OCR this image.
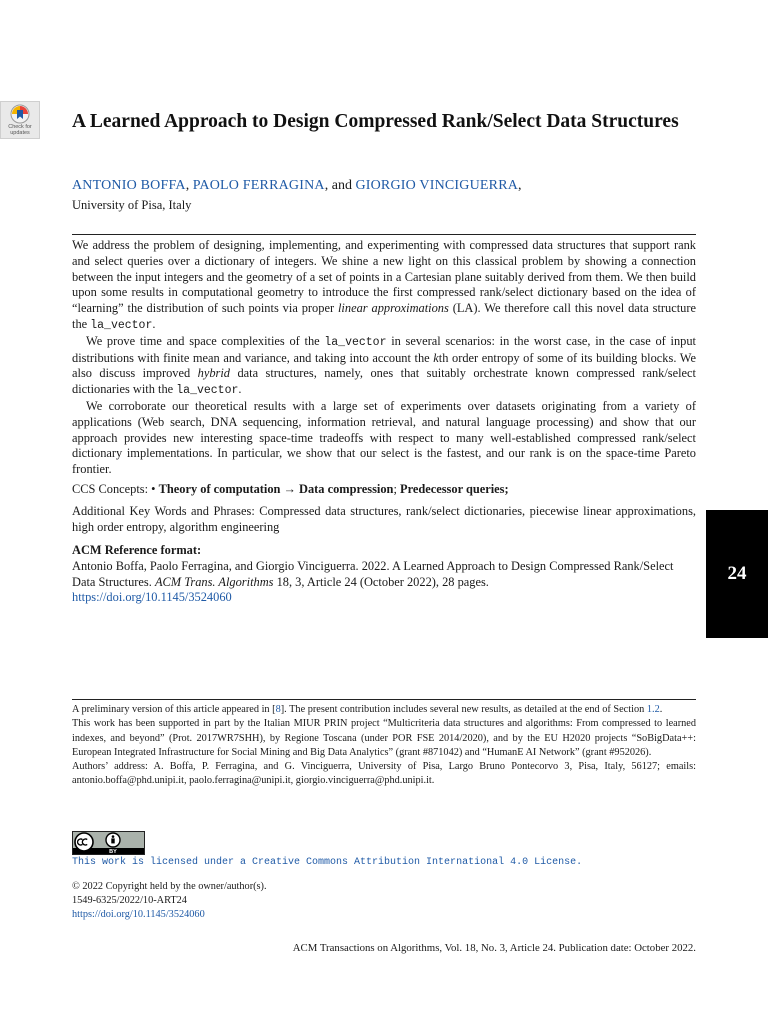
Check for
updates
A Learned Approach to Design Compressed Rank/Select Data Structures
ANTONIO BOFFA, PAOLO FERRAGINA, and GIORGIO VINCIGUERRA,
University of Pisa, Italy

We address the problem of designing, implementing, and experimenting with compressed data structures that support rank and select queries over a dictionary of integers. We shine a new light on this classical problem by showing a connection between the input integers and the geometry of a set of points in a Cartesian plane suitably derived from them. We then build upon some results in computational geometry to introduce the first compressed rank/select dictionary based on the idea of “learning” the distribution of such points via proper linear approximations (LA). We therefore call this novel data structure the la_vector.

We prove time and space complexities of the la_vector in several scenarios: in the worst case, in the case of input distributions with finite mean and variance, and taking into account the kth order entropy of some of its building blocks. We also discuss improved hybrid data structures, namely, ones that suitably orchestrate known compressed rank/select dictionaries with the la_vector.

We corroborate our theoretical results with a large set of experiments over datasets originating from a variety of applications (Web search, DNA sequencing, information retrieval, and natural language processing) and show that our approach provides new interesting space-time tradeoffs with respect to many well-established compressed rank/select dictionary implementations. In particular, we show that our select is the fastest, and our rank is on the space-time Pareto frontier.

CCS Concepts: • Theory of computation → Data compression; Predecessor queries;
Additional Key Words and Phrases: Compressed data structures, rank/select dictionaries, piecewise linear approximations, high order entropy, algorithm engineering
ACM Reference format:
Antonio Boffa, Paolo Ferragina, and Giorgio Vinciguerra. 2022. A Learned Approach to Design Compressed Rank/Select Data Structures. ACM Trans. Algorithms 18, 3, Article 24 (October 2022), 28 pages.
https://doi.org/10.1145/3524060
24

A preliminary version of this article appeared in [8]. The present contribution includes several new results, as detailed at the end of Section 1.2.

This work has been supported in part by the Italian MIUR PRIN project “Multicriteria data structures and algorithms: From compressed to learned indexes, and beyond” (Prot. 2017WR7SHH), by Regione Toscana (under POR FSE 2014/2020), and by the EU H2020 projects “SoBigData++: European Integrated Infrastructure for Social Mining and Big Data Analytics” (grant #871042) and “HumanE AI Network” (grant #952026).

Authors’ address: A. Boffa, P. Ferragina, and G. Vinciguerra, University of Pisa, Largo Bruno Pontecorvo 3, Pisa, Italy, 56127; emails: antonio.boffa@phd.unipi.it, paolo.ferragina@unipi.it, giorgio.vinciguerra@phd.unipi.it.

BY
This work is licensed under a Creative Commons Attribution International 4.0 License.

© 2022 Copyright held by the owner/author(s).

1549-6325/2022/10-ART24

https://doi.org/10.1145/3524060

ACM Transactions on Algorithms, Vol. 18, No. 3, Article 24. Publication date: October 2022.
